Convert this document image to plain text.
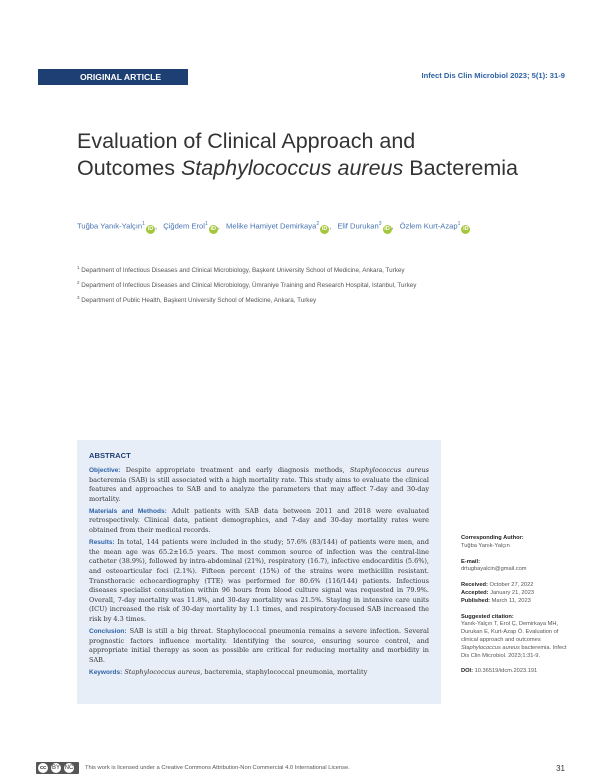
ORIGINAL ARTICLE	Infect Dis Clin Microbiol 2023; 5(1): 31-9
Evaluation of Clinical Approach and
Outcomes Staphylococcus aureus Bacteremia
Tuğba Yanık-Yalçın$^1$iD , Çiğdem Erol$^1$iD , Melike Hamiyet Demirkaya$^2$iD , Elif Durukan$^3$iD , Özlem Kurt-Azap$^1$iD
$^1$ Department of Infectious Diseases and Clinical Microbiology, Başkent University School of Medicine, Ankara, Turkey
$^2$ Department of Infectious Diseases and Clinical Microbiology, Ümraniye Training and Research Hospital, Istanbul, Turkey
$^3$ Department of Public Health, Başkent University School of Medicine, Ankara, Turkey
ABSTRACT

Objective: Despite appropriate treatment and early diagnosis methods, Staphylococcus aureus bacteremia (SAB) is still associated with a high mortality rate. This study aims to evaluate the clinical features and approaches to SAB and to analyze the parameters that may affect 7-day and 30-day mortality.

Materials and Methods: Adult patients with SAB data between 2011 and 2018 were evaluated retrospectively. Clinical data, patient demographics, and 7-day and 30-day mortality rates were obtained from their medical records.

Results: In total, 144 patients were included in the study; 57.6% (83/144) of patients were men, and the mean age was 65.2±16.5 years. The most common source of infection was the central-line catheter (38.9%), followed by intra-abdominal (21%), respiratory (16.7), infective endocarditis (5.6%), and osteoarticular foci (2.1%). Fifteen percent (15%) of the strains were methicillin resistant. Transthoracic echocardiography (TTE) was performed for 80.6% (116/144) patients. Infectious diseases specialist consultation within 96 hours from blood culture signal was requested in 79.9%. Overall, 7-day mortality was 11.8%, and 30-day mortality was 21.5%. Staying in intensive care units (ICU) increased the risk of 30-day mortality by 1.1 times, and respiratory-focused SAB increased the risk by 4.3 times.

Conclusion: SAB is still a big threat. Staphylococcal pneumonia remains a severe infection. Several prognostic factors influence mortality. Identifying the source, ensuring source control, and appropriate initial therapy as soon as possible are critical for reducing mortality and morbidity in SAB.

Keywords: Staphylococcus aureus, bacteremia, staphylococcal pneumonia, mortality

Corresponding Author:
Tuğba Yanık-Yalçın
E-mail:
drtugbayalcin@gmail.com
Received: October 27, 2022
Accepted: January 21, 2023
Published: March 11, 2023
Suggested citation:
Yanık-Yalçın T, Erol Ç, Demirkaya MH, Durukan E, Kurt-Azap Ö. Evaluation of clinical approach and outcomes Staphylococcus aureus bacteremia. Infect Dis Clin Microbiol. 2023;1:31-9.
DOI: 10.36519/idcm.2023.191
cc BY NC This work is licensed under a Creative Commons Attribution-Non Commercial 4.0 International License.	31
